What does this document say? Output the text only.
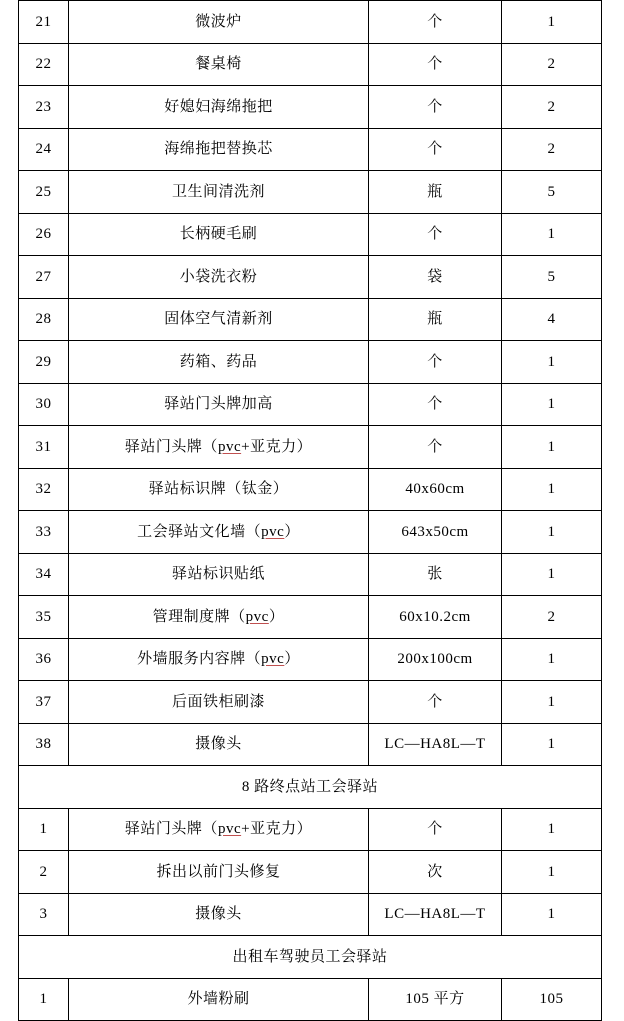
21	微波炉	个	1
22	餐桌椅	个	2
23	好媳妇海绵拖把	个	2
24	海绵拖把替换芯	个	2
25	卫生间清洗剂	瓶	5
26	长柄硬毛刷	个	1
27	小袋洗衣粉	袋	5
28	固体空气清新剂	瓶	4
29	药箱、药品	个	1
30	驿站门头牌加高	个	1
31	驿站门头牌（pvc+亚克力）	个	1
32	驿站标识牌（钛金）	40x60cm	1
33	工会驿站文化墙（pvc）	643x50cm	1
34	驿站标识贴纸	张	1
35	管理制度牌（pvc）	60x10.2cm	2
36	外墙服务内容牌（pvc）	200x100cm	1
37	后面铁柜刷漆	个	1
38	摄像头	LC—HA8L—T	1
8 路终点站工会驿站			
1	驿站门头牌（pvc+亚克力）	个	1
2	拆出以前门头修复	次	1
3	摄像头	LC—HA8L—T	1
出租车驾驶员工会驿站			
1	外墙粉刷	105 平方	105
